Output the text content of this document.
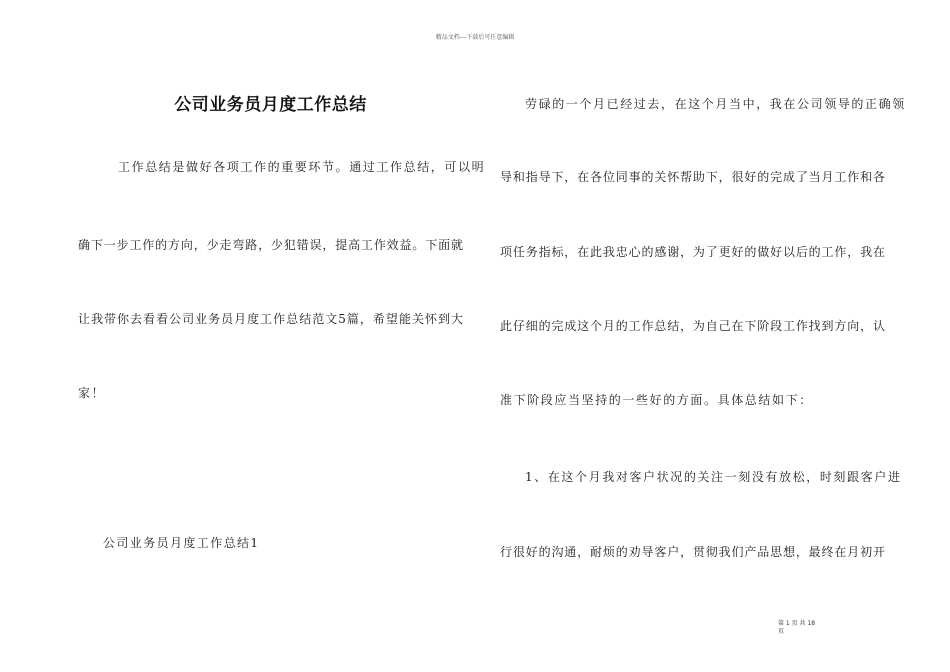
精品文档---下载后可任意编辑
公司业务员月度工作总结
工作总结是做好各项工作的重要环节。通过工作总结，可以明
确下一步工作的方向，少走弯路，少犯错误，提高工作效益。下面就
让我带你去看看公司业务员月度工作总结范文5篇，希望能关怀到大
家！
公司业务员月度工作总结1
劳碌的一个月已经过去，在这个月当中，我在公司领导的正确领
导和指导下，在各位同事的关怀帮助下，很好的完成了当月工作和各
项任务指标，在此我忠心的感谢，为了更好的做好以后的工作，我在
此仔细的完成这个月的工作总结，为自己在下阶段工作找到方向，认
准下阶段应当坚持的一些好的方面。具体总结如下：
1、在这个月我对客户状况的关注一刻没有放松，时刻跟客户进
行很好的沟通，耐烦的劝导客户，贯彻我们产品思想，最终在月初开
第 1 页 共 18
页
